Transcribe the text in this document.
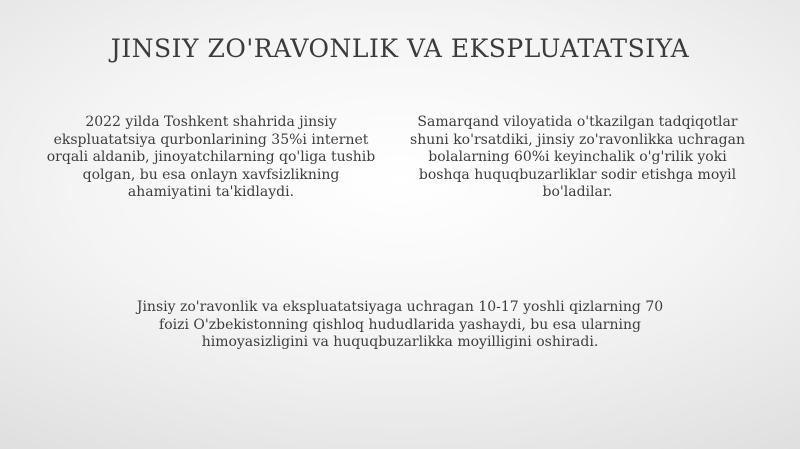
JINSIY ZO'RAVONLIK VA EKSPLUATATSIYA

2022 yilda Toshkent shahrida jinsiy ekspluatatsiya qurbonlarining 35%i internet orqali aldanib, jinoyatchilarning qo'liga tushib qolgan, bu esa onlayn xavfsizlikning ahamiyatini ta'kidlaydi.

Samarqand viloyatida o'tkazilgan tadqiqotlar shuni ko'rsatdiki, jinsiy zo'ravonlikka uchragan bolalarning 60%i keyinchalik o'g'rilik yoki boshqa huquqbuzarliklar sodir etishga moyil bo'ladilar.

Jinsiy zo'ravonlik va ekspluatatsiyaga uchragan 10-17 yoshli qizlarning 70 foizi O'zbekistonning qishloq hududlarida yashaydi, bu esa ularning himoyasizligini va huquqbuzarlikka moyilligini oshiradi.
